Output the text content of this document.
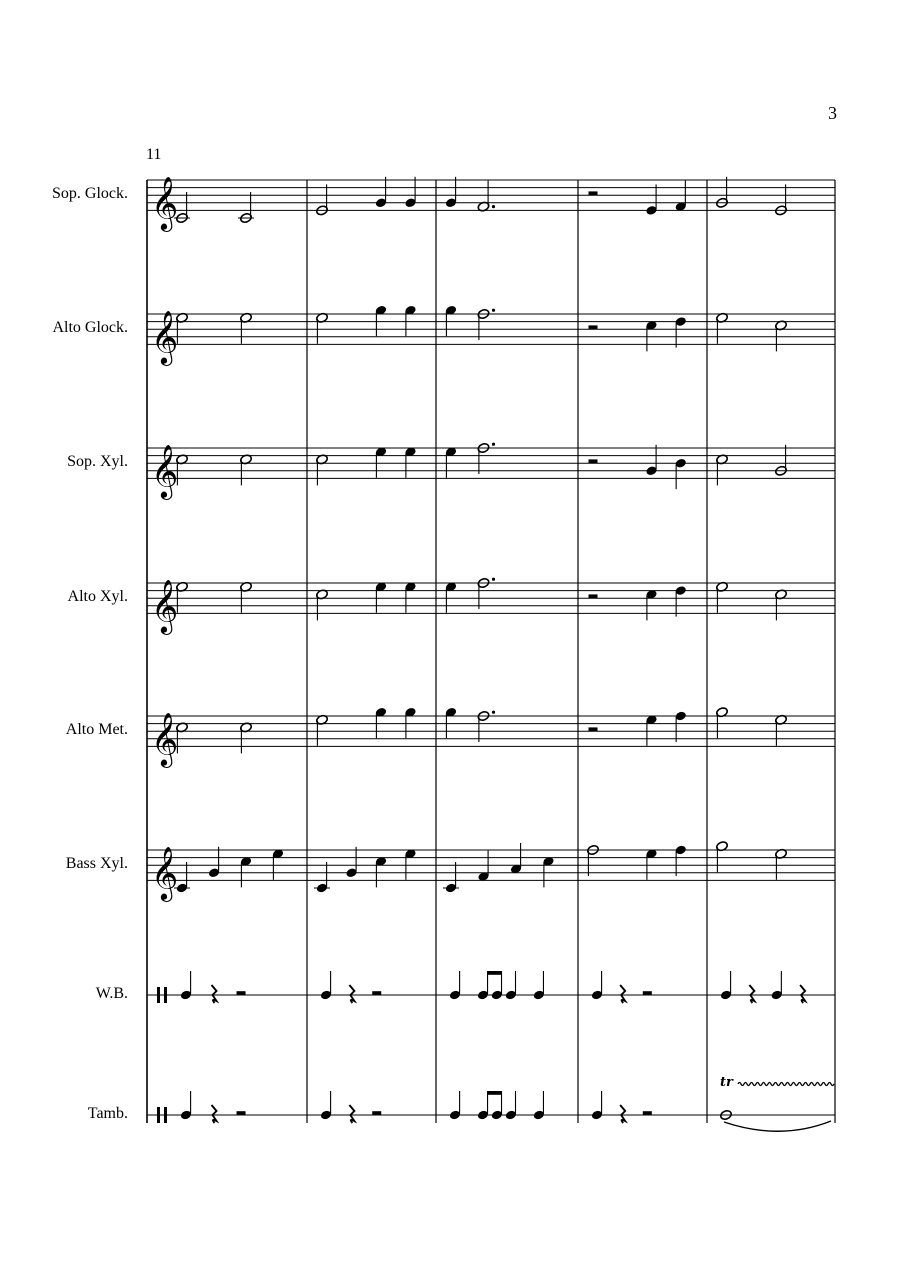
3
11
Sop. Glock.
Alto Glock.
Sop. Xyl.
Alto Xyl.
Alto Met.
Bass Xyl.
W.B.
Tamb.
tr
𝄞
𝄞
𝄞
𝄞
𝄞
𝄞
